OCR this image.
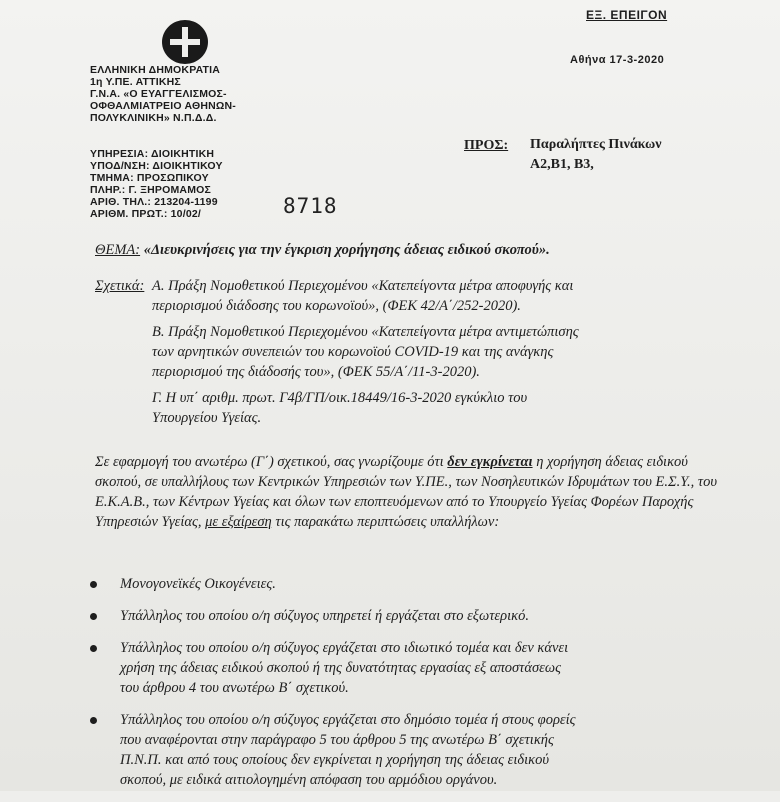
ΕΞ. ΕΠΕΙΓΟΝ
Αθήνα 17-3-2020
ΕΛΛΗΝΙΚΗ ΔΗΜΟΚΡΑΤΙΑ
1η Υ.ΠΕ. ΑΤΤΙΚΗΣ
Γ.Ν.Α. «Ο ΕΥΑΓΓΕΛΙΣΜΟΣ-
ΟΦΘΑΛΜΙΑΤΡΕΙΟ ΑΘΗΝΩΝ-
ΠΟΛΥΚΛΙΝΙΚΗ» Ν.Π.Δ.Δ.
ΥΠΗΡΕΣΙΑ: ΔΙΟΙΚΗΤΙΚΗ
ΥΠΟΔ/ΝΣΗ: ΔΙΟΙΚΗΤΙΚΟΥ
ΤΜΗΜΑ: ΠΡΟΣΩΠΙΚΟΥ
ΠΛΗΡ.: Γ. ΞΗΡΟΜΑΜΟΣ
ΑΡΙΘ. ΤΗΛ.: 213204-1199
ΑΡΙΘΜ. ΠΡΩΤ.: 10/02/	8718
ΠΡΟΣ: Παραλήπτες Πινάκων
Α2,Β1, Β3,
ΘΕΜΑ: «Διευκρινήσεις για την έγκριση χορήγησης άδειας ειδικού σκοπού».
Σχετικά: Α. Πράξη Νομοθετικού Περιεχομένου «Κατεπείγοντα μέτρα αποφυγής και
περιορισμού διάδοσης του κορωνοϊού», (ΦΕΚ 42/Α΄/252-2020).
Β. Πράξη Νομοθετικού Περιεχομένου «Κατεπείγοντα μέτρα αντιμετώπισης
των αρνητικών συνεπειών του κορωνοϊού COVID-19 και της ανάγκης
περιορισμού της διάδοσής του», (ΦΕΚ 55/Α΄/11-3-2020).
Γ. Η υπ΄ αριθμ. πρωτ. Γ4β/ΓΠ/οικ.18449/16-3-2020 εγκύκλιο του
Υπουργείου Υγείας.
Σε εφαρμογή του ανωτέρω (Γ΄) σχετικού, σας γνωρίζουμε ότι δεν εγκρίνεται η χορήγηση άδειας ειδικού σκοπού, σε υπαλλήλους των Κεντρικών Υπηρεσιών των Υ.ΠΕ., των Νοσηλευτικών Ιδρυμάτων του Ε.Σ.Υ., του Ε.Κ.Α.Β., των Κέντρων Υγείας και όλων των εποπτευόμενων από το Υπουργείο Υγείας Φορέων Παροχής Υπηρεσιών Υγείας, με εξαίρεση τις παρακάτω περιπτώσεις υπαλλήλων:
Μονογονεϊκές Οικογένειες.
Υπάλληλος του οποίου ο/η σύζυγος υπηρετεί ή εργάζεται στο εξωτερικό.
Υπάλληλος του οποίου ο/η σύζυγος εργάζεται στο ιδιωτικό τομέα και δεν κάνει
χρήση της άδειας ειδικού σκοπού ή της δυνατότητας εργασίας εξ αποστάσεως
του άρθρου 4 του ανωτέρω Β΄ σχετικού.
Υπάλληλος του οποίου ο/η σύζυγος εργάζεται στο δημόσιο τομέα ή στους φορείς
που αναφέρονται στην παράγραφο 5 του άρθρου 5 της ανωτέρω Β΄ σχετικής
Π.Ν.Π. και από τους οποίους δεν εγκρίνεται η χορήγηση της άδειας ειδικού
σκοπού, με ειδικά αιτιολογημένη απόφαση του αρμόδιου οργάνου.
